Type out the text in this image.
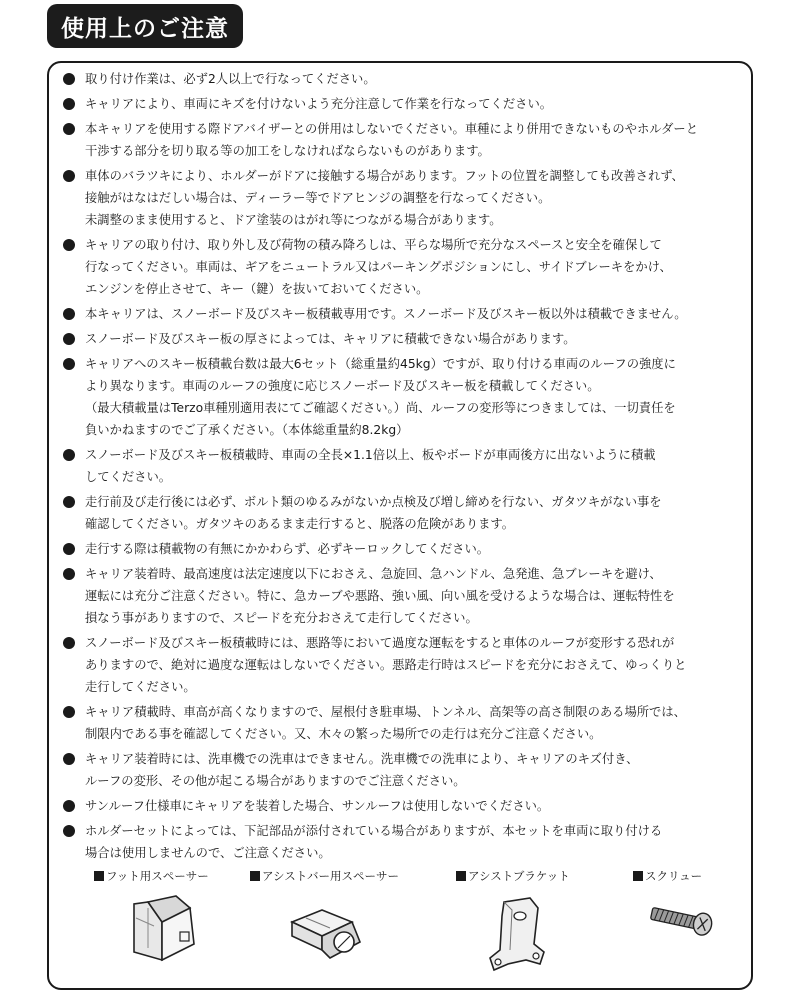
使用上のご注意
取り付け作業は、必ず2人以上で行なってください。
キャリアにより、車両にキズを付けないよう充分注意して作業を行なってください。
本キャリアを使用する際ドアバイザーとの併用はしないでください。車種により併用できないものやホルダーと
干渉する部分を切り取る等の加工をしなければならないものがあります。
車体のバラツキにより、ホルダーがドアに接触する場合があります。フットの位置を調整しても改善されず、
接触がはなはだしい場合は、ディーラー等でドアヒンジの調整を行なってください。
未調整のまま使用すると、ドア塗装のはがれ等につながる場合があります。
キャリアの取り付け、取り外し及び荷物の積み降ろしは、平らな場所で充分なスペースと安全を確保して
行なってください。車両は、ギアをニュートラル又はパーキングポジションにし、サイドブレーキをかけ、
エンジンを停止させて、キー（鍵）を抜いておいてください。
本キャリアは、スノーボード及びスキー板積載専用です。スノーボード及びスキー板以外は積載できません。
スノーボード及びスキー板の厚さによっては、キャリアに積載できない場合があります。
キャリアへのスキー板積載台数は最大6セット（総重量約45kg）ですが、取り付ける車両のルーフの強度に
より異なります。車両のルーフの強度に応じスノーボード及びスキー板を積載してください。
（最大積載量はTerzo車種別適用表にてご確認ください。）尚、ルーフの変形等につきましては、一切責任を
負いかねますのでご了承ください。（本体総重量約8.2kg）
スノーボード及びスキー板積載時、車両の全長×1.1倍以上、板やボードが車両後方に出ないように積載
してください。
走行前及び走行後には必ず、ボルト類のゆるみがないか点検及び増し締めを行ない、ガタツキがない事を
確認してください。ガタツキのあるまま走行すると、脱落の危険があります。
走行する際は積載物の有無にかかわらず、必ずキーロックしてください。
キャリア装着時、最高速度は法定速度以下におさえ、急旋回、急ハンドル、急発進、急ブレーキを避け、
運転には充分ご注意ください。特に、急カーブや悪路、強い風、向い風を受けるような場合は、運転特性を
損なう事がありますので、スピードを充分おさえて走行してください。
スノーボード及びスキー板積載時には、悪路等において過度な運転をすると車体のルーフが変形する恐れが
ありますので、絶対に過度な運転はしないでください。悪路走行時はスピードを充分におさえて、ゆっくりと
走行してください。
キャリア積載時、車高が高くなりますので、屋根付き駐車場、トンネル、高架等の高さ制限のある場所では、
制限内である事を確認してください。又、木々の繁った場所での走行は充分ご注意ください。
キャリア装着時には、洗車機での洗車はできません。洗車機での洗車により、キャリアのキズ付き、
ルーフの変形、その他が起こる場合がありますのでご注意ください。
サンルーフ仕様車にキャリアを装着した場合、サンルーフは使用しないでください。
ホルダーセットによっては、下記部品が添付されている場合がありますが、本セットを車両に取り付ける
場合は使用しませんので、ご注意ください。
フット用スペーサー	アシストバー用スペーサー	アシストブラケット	スクリュー
